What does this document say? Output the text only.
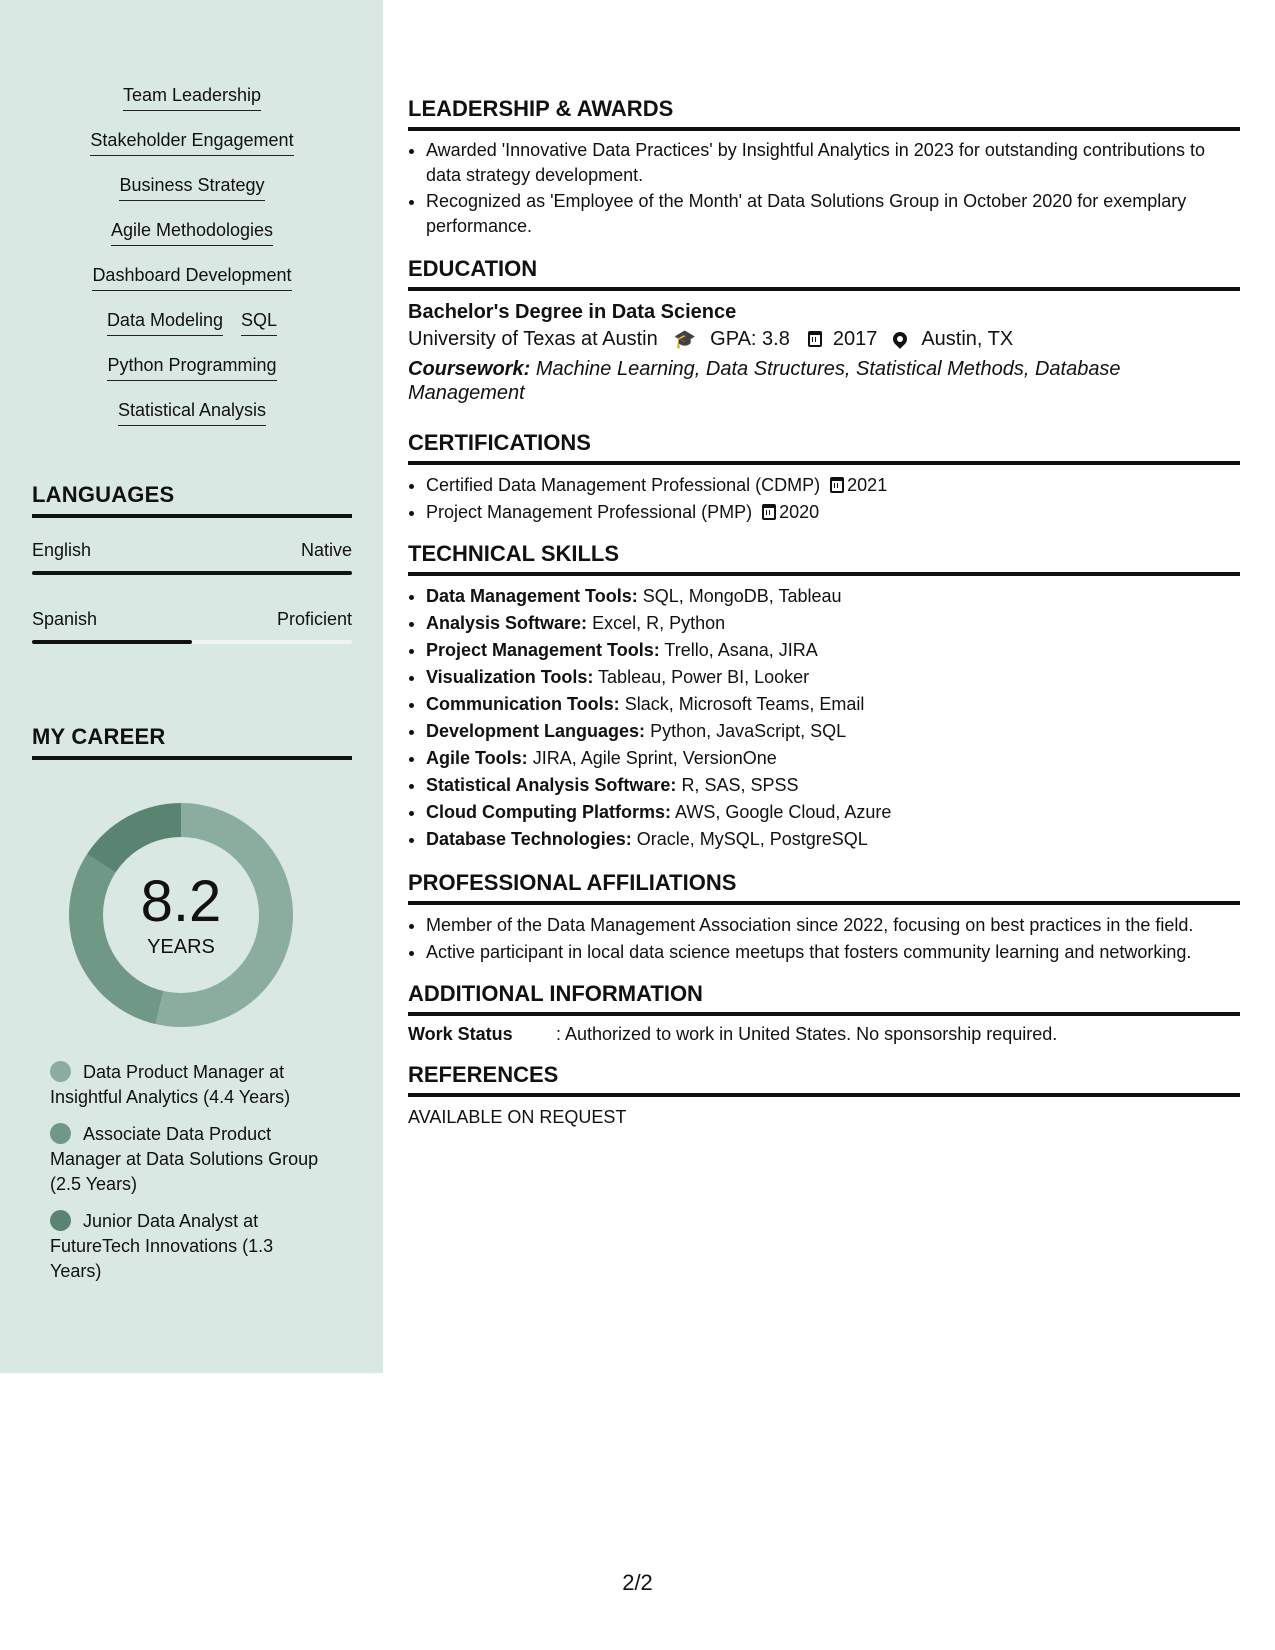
Team Leadership
Stakeholder Engagement
Business Strategy
Agile Methodologies
Dashboard Development
Data Modeling SQL
Python Programming
Statistical Analysis
LANGUAGES
English	Native
Spanish	Proficient
MY CAREER
8.2
YEARS
Data Product Manager at Insightful Analytics (4.4 Years)
Associate Data Product Manager at Data Solutions Group (2.5 Years)
Junior Data Analyst at FutureTech Innovations (1.3 Years)
LEADERSHIP & AWARDS
• Awarded 'Innovative Data Practices' by Insightful Analytics in 2023 for outstanding contributions to data strategy development.
• Recognized as 'Employee of the Month' at Data Solutions Group in October 2020 for exemplary performance.
EDUCATION
Bachelor's Degree in Data Science
University of Texas at Austin 🎓 GPA: 3.8 2017 Austin, TX
Coursework: Machine Learning, Data Structures, Statistical Methods, Database Management
CERTIFICATIONS
• Certified Data Management Professional (CDMP) 2021
• Project Management Professional (PMP) 2020
TECHNICAL SKILLS
• Data Management Tools: SQL, MongoDB, Tableau
• Analysis Software: Excel, R, Python
• Project Management Tools: Trello, Asana, JIRA
• Visualization Tools: Tableau, Power BI, Looker
• Communication Tools: Slack, Microsoft Teams, Email
• Development Languages: Python, JavaScript, SQL
• Agile Tools: JIRA, Agile Sprint, VersionOne
• Statistical Analysis Software: R, SAS, SPSS
• Cloud Computing Platforms: AWS, Google Cloud, Azure
• Database Technologies: Oracle, MySQL, PostgreSQL
PROFESSIONAL AFFILIATIONS
• Member of the Data Management Association since 2022, focusing on best practices in the field.
• Active participant in local data science meetups that fosters community learning and networking.
ADDITIONAL INFORMATION
Work Status	: Authorized to work in United States. No sponsorship required.
REFERENCES
AVAILABLE ON REQUEST
2/2
